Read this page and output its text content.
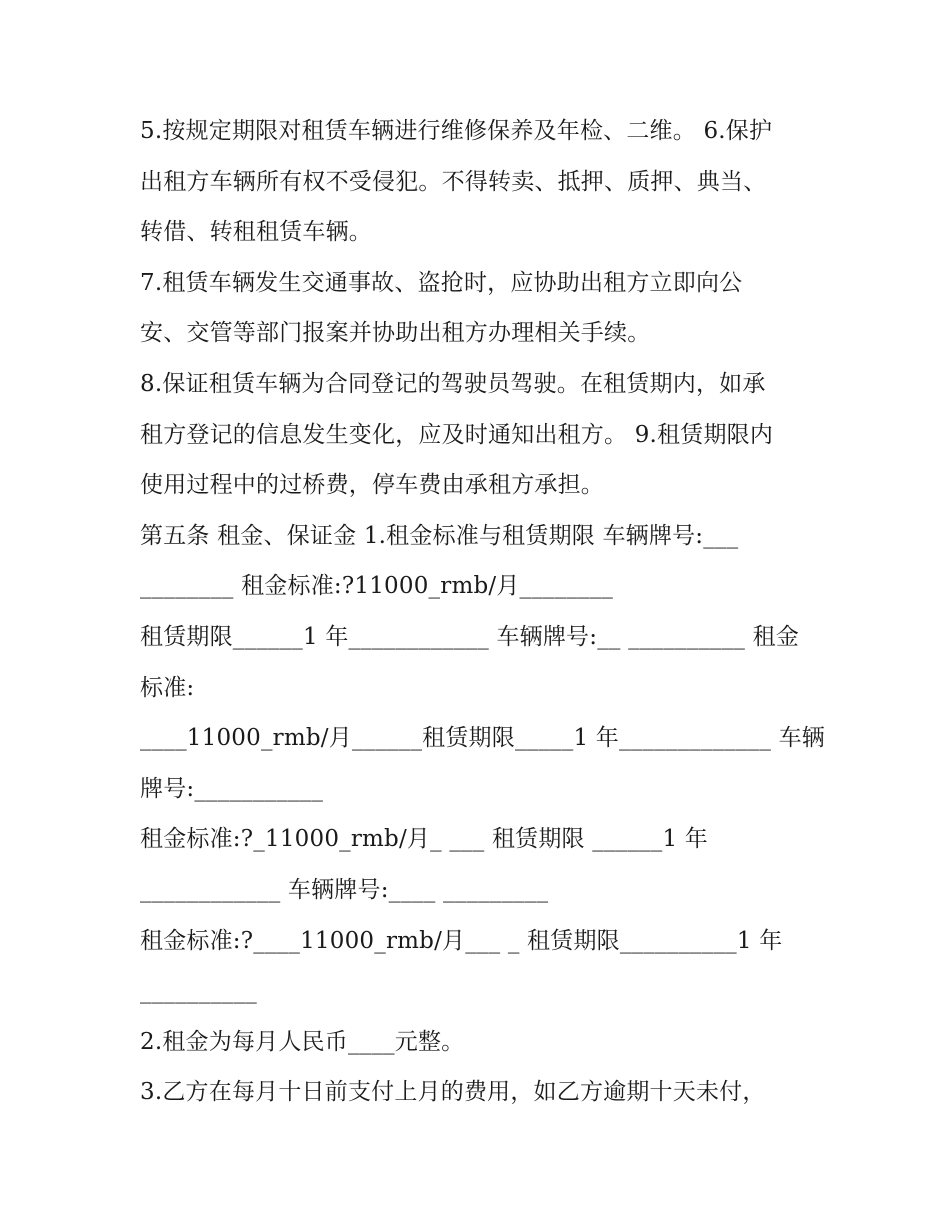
5.按规定期限对租赁车辆进行维修保养及年检、二维。 6.保护
出租方车辆所有权不受侵犯。不得转卖、抵押、质押、典当、
转借、转租租赁车辆。
7.租赁车辆发生交通事故、盗抢时，应协助出租方立即向公
安、交管等部门报案并协助出租方办理相关手续。
8.保证租赁车辆为合同登记的驾驶员驾驶。在租赁期内，如承
租方登记的信息发生变化，应及时通知出租方。 9.租赁期限内
使用过程中的过桥费，停车费由承租方承担。
第五条 租金、保证金 1.租金标准与租赁期限 车辆牌号:___
________ 租金标准:?11000_rmb/月________
租赁期限______1 年____________ 车辆牌号:__ __________ 租金
标准:
____11000_rmb/月______租赁期限_____1 年_____________ 车辆
牌号:___________
租金标准:?_11000_rmb/月_ ___ 租赁期限 ______1 年
____________ 车辆牌号:____ _________
租金标准:?____11000_rmb/月___ _ 租赁期限__________1 年
__________
2.租金为每月人民币____元整。
3.乙方在每月十日前支付上月的费用，如乙方逾期十天未付，
